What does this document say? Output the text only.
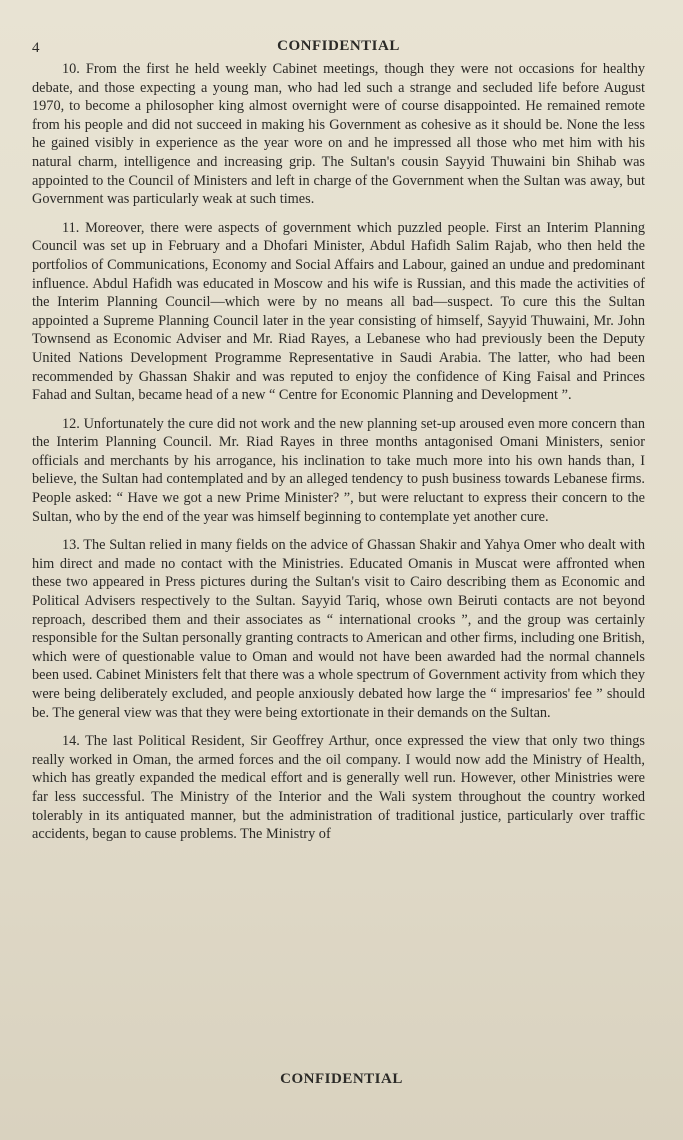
4	CONFIDENTIAL

10. From the first he held weekly Cabinet meetings, though they were not occasions for healthy debate, and those expecting a young man, who had led such a strange and secluded life before August 1970, to become a philosopher king almost overnight were of course disappointed. He remained remote from his people and did not succeed in making his Government as cohesive as it should be. None the less he gained visibly in experience as the year wore on and he impressed all those who met him with his natural charm, intelligence and increasing grip. The Sultan's cousin Sayyid Thuwaini bin Shihab was appointed to the Council of Ministers and left in charge of the Government when the Sultan was away, but Government was particularly weak at such times.

11. Moreover, there were aspects of government which puzzled people. First an Interim Planning Council was set up in February and a Dhofari Minister, Abdul Hafidh Salim Rajab, who then held the portfolios of Communications, Economy and Social Affairs and Labour, gained an undue and predominant influence. Abdul Hafidh was educated in Moscow and his wife is Russian, and this made the activities of the Interim Planning Council—which were by no means all bad—suspect. To cure this the Sultan appointed a Supreme Planning Council later in the year consisting of himself, Sayyid Thuwaini, Mr. John Townsend as Economic Adviser and Mr. Riad Rayes, a Lebanese who had previously been the Deputy United Nations Development Programme Representative in Saudi Arabia. The latter, who had been recommended by Ghassan Shakir and was reputed to enjoy the confidence of King Faisal and Princes Fahad and Sultan, became head of a new “ Centre for Economic Planning and Development ”.

12. Unfortunately the cure did not work and the new planning set-up aroused even more concern than the Interim Planning Council. Mr. Riad Rayes in three months antagonised Omani Ministers, senior officials and merchants by his arrogance, his inclination to take much more into his own hands than, I believe, the Sultan had contemplated and by an alleged tendency to push business towards Lebanese firms. People asked: “ Have we got a new Prime Minister? ”, but were reluctant to express their concern to the Sultan, who by the end of the year was himself beginning to contemplate yet another cure.

13. The Sultan relied in many fields on the advice of Ghassan Shakir and Yahya Omer who dealt with him direct and made no contact with the Ministries. Educated Omanis in Muscat were affronted when these two appeared in Press pictures during the Sultan's visit to Cairo describing them as Economic and Political Advisers respectively to the Sultan. Sayyid Tariq, whose own Beiruti contacts are not beyond reproach, described them and their associates as “ international crooks ”, and the group was certainly responsible for the Sultan personally granting contracts to American and other firms, including one British, which were of questionable value to Oman and would not have been awarded had the normal channels been used. Cabinet Ministers felt that there was a whole spectrum of Government activity from which they were being deliberately excluded, and people anxiously debated how large the “ impresarios' fee ” should be. The general view was that they were being extortionate in their demands on the Sultan.

14. The last Political Resident, Sir Geoffrey Arthur, once expressed the view that only two things really worked in Oman, the armed forces and the oil company. I would now add the Ministry of Health, which has greatly expanded the medical effort and is generally well run. However, other Ministries were far less successful. The Ministry of the Interior and the Wali system throughout the country worked tolerably in its antiquated manner, but the administration of traditional justice, particularly over traffic accidents, began to cause problems. The Ministry of

CONFIDENTIAL
